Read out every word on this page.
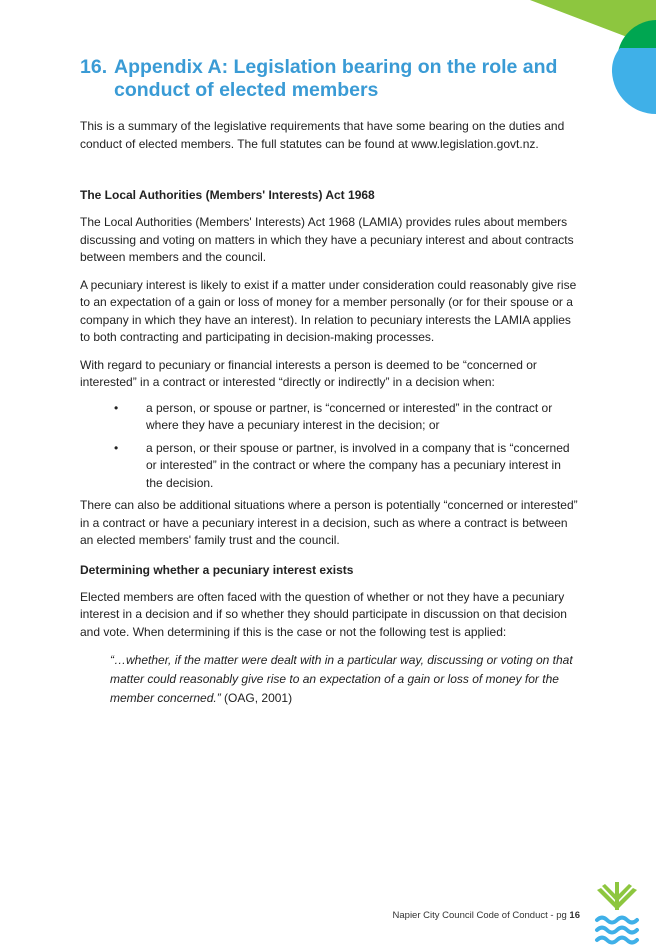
16. Appendix A: Legislation bearing on the role and conduct of elected members

This is a summary of the legislative requirements that have some bearing on the duties and conduct of elected members. The full statutes can be found at www.legislation.govt.nz.

The Local Authorities (Members' Interests) Act 1968

The Local Authorities (Members' Interests) Act 1968 (LAMIA) provides rules about members discussing and voting on matters in which they have a pecuniary interest and about contracts between members and the council.

A pecuniary interest is likely to exist if a matter under consideration could reasonably give rise to an expectation of a gain or loss of money for a member personally (or for their spouse or a company in which they have an interest). In relation to pecuniary interests the LAMIA applies to both contracting and participating in decision-making processes.

With regard to pecuniary or financial interests a person is deemed to be “concerned or interested” in a contract or interested “directly or indirectly” in a decision when:

•	a person, or spouse or partner, is “concerned or interested” in the contract or where they have a pecuniary interest in the decision; or
•	a person, or their spouse or partner, is involved in a company that is “concerned or interested” in the contract or where the company has a pecuniary interest in the decision.

There can also be additional situations where a person is potentially “concerned or interested” in a contract or have a pecuniary interest in a decision, such as where a contract is between an elected members' family trust and the council.

Determining whether a pecuniary interest exists

Elected members are often faced with the question of whether or not they have a pecuniary interest in a decision and if so whether they should participate in discussion on that decision and vote. When determining if this is the case or not the following test is applied:

“…whether, if the matter were dealt with in a particular way, discussing or voting on that matter could reasonably give rise to an expectation of a gain or loss of money for the member concerned.” (OAG, 2001)

Napier City Council Code of Conduct - pg 16
